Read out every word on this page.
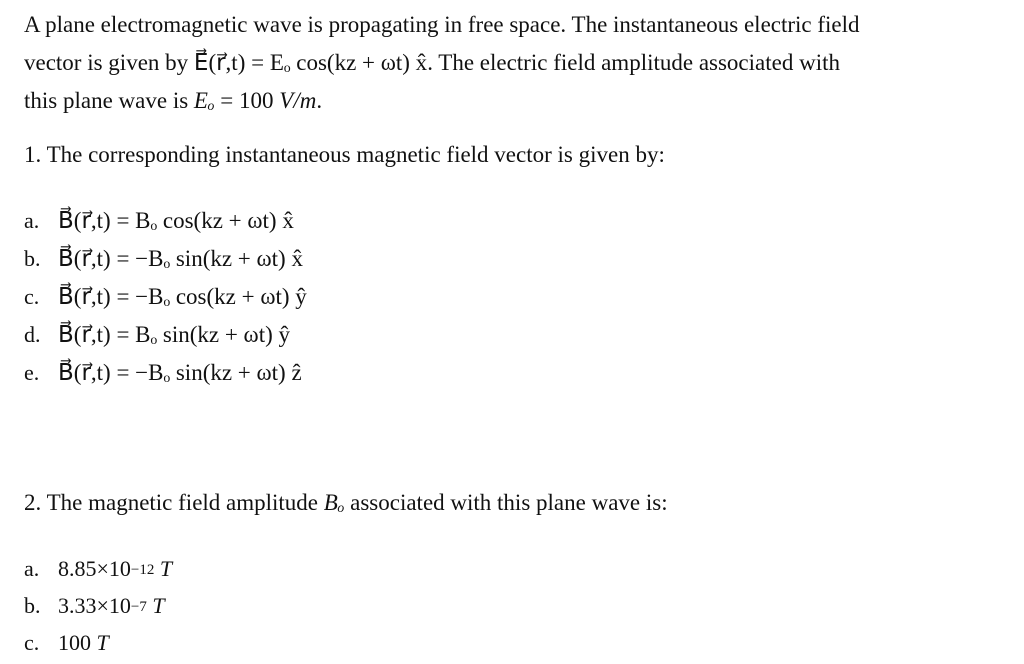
A plane electromagnetic wave is propagating in free space. The instantaneous electric field
vector is given by E⃗(r⃗,t) = Eₒ cos(kz + ωt) x̂. The electric field amplitude associated with
this plane wave is Eₒ = 100 V/m.
1. The corresponding instantaneous magnetic field vector is given by:
a. B⃗(r⃗,t) = Bₒ cos(kz + ωt) x̂
b. B⃗(r⃗,t) = −Bₒ sin(kz + ωt) x̂
c. B⃗(r⃗,t) = −Bₒ cos(kz + ωt) ŷ
d. B⃗(r⃗,t) = Bₒ sin(kz + ωt) ŷ
e. B⃗(r⃗,t) = −Bₒ sin(kz + ωt) ẑ
2. The magnetic field amplitude Bₒ associated with this plane wave is:
a. $8.85\times 10^{-12}$
T
b. $3.33\times 10^{-7}$
T
c. 100
T
